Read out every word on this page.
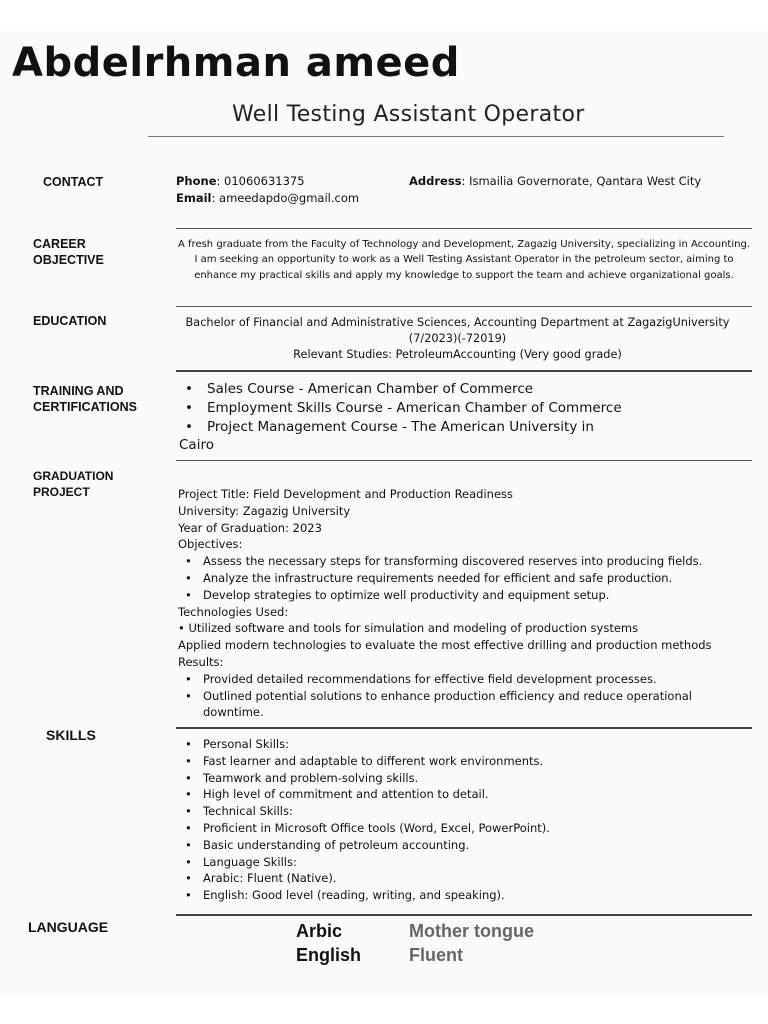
Abdelrhman ameed
Well Testing Assistant Operator
CONTACT	Phone: 01060631375
Email: ameedapdo@gmail.com
Address: Ismailia Governorate, Qantara West City
CAREER
OBJECTIVE
A fresh graduate from the Faculty of Technology and Development, Zagazig University, specializing in Accounting. I am seeking an opportunity to work as a Well Testing Assistant Operator in the petroleum sector, aiming to enhance my practical skills and apply my knowledge to support the team and achieve organizational goals.
EDUCATION	Bachelor of Financial and Administrative Sciences, Accounting Department at ZagazigUniversity
(7/2023)(-72019)
Relevant Studies: PetroleumAccounting (Very good grade)
TRAINING AND
CERTIFICATIONS
• Sales Course - American Chamber of Commerce
• Employment Skills Course - American Chamber of Commerce
• Project Management Course - The American University in
Cairo
GRADUATION
PROJECT	Project Title: Field Development and Production Readiness
University: Zagazig University
Year of Graduation: 2023
Objectives:
• Assess the necessary steps for transforming discovered reserves into producing fields.
• Analyze the infrastructure requirements needed for efficient and safe production.
• Develop strategies to optimize well productivity and equipment setup.
Technologies Used:
• Utilized software and tools for simulation and modeling of production systems
Applied modern technologies to evaluate the most effective drilling and production methods
Results:
• Provided detailed recommendations for effective field development processes.
• Outlined potential solutions to enhance production efficiency and reduce operational downtime.
SKILLS
• Personal Skills:
• Fast learner and adaptable to different work environments.
• Teamwork and problem-solving skills.
• High level of commitment and attention to detail.
• Technical Skills:
• Proficient in Microsoft Office tools (Word, Excel, PowerPoint).
• Basic understanding of petroleum accounting.
• Language Skills:
• Arabic: Fluent (Native).
• English: Good level (reading, writing, and speaking).
LANGUAGE	Arbic	Mother tongue
English	Fluent
